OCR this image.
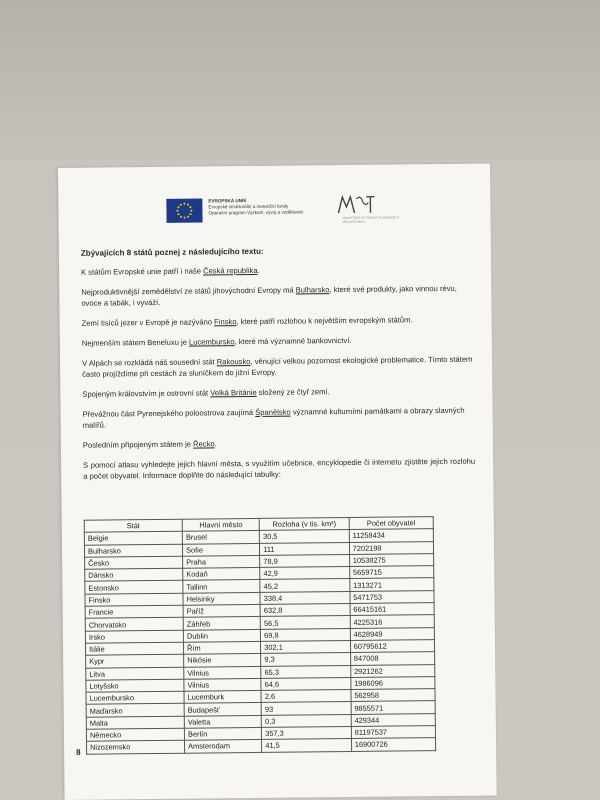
EVROPSKÁ UNIE
Evropské strukturální a investiční fondy
Operační program Výzkum, vývoj a vzdělávání
MINISTERSTVO ŠKOLSTVÍ, MLÁDEŽE A TĚLOVÝCHOVY

Zbývajících 8 států poznej z následujícího textu:

K státům Evropské unie patří i naše Česká republika.

Nejproduktivnější zemědělství ze států jihovýchodní Evropy má Bulharsko, které své produkty, jako vinnou révu, ovoce a tabák, i vyváží.

Zemí tisíců jezer v Evropě je nazýváno Finsko, které patří rozlohou k největším evropským státům.

Nejmenším státem Beneluxu je Lucembursko, které má významné bankovnictví.

V Alpách se rozkládá náš sousední stát Rakousko, věnující velkou pozornost ekologické problematice. Tímto státem často projíždíme při cestách za sluníčkem do jižní Evropy.

Spojeným královstvím je ostrovní stát Velká Británie složený ze čtyř zemí.

Převážnou část Pyrenejského poloostrova zaujímá Španělsko významné kulturními památkami a obrazy slavných malířů.

Posledním připojeným státem je Řecko.

S pomocí atlasu vyhledejte jejich hlavní města, s využitím učebnice, encyklopedie či internetu zjistěte jejich rozlohu a počet obyvatel. Informace doplňte do následující tabulky:

Stát	Hlavní město	Rozloha (v tis. km²)	Počet obyvatel
Belgie	Brusel	30,5	11258434
Bulharsko	Sofie	111	7202198
Česko	Praha	78,9	10538275
Dánsko	Kodaň	42,9	5659715
Estonsko	Tallinn	45,2	1313271
Finsko	Helsinky	338,4	5471753
Francie	Paříž	632,8	66415161
Chorvatsko	Záhřeb	56,5	4225316
Irsko	Dublin	69,8	4628949
Itálie	Řím	302,1	60795612
Kypr	Nikósie	9,3	847008
Litva	Vilnius	65,3	2921262
Lotyšsko	Vilnius	64,6	1986096
Lucembursko	Lucemburk	2,6	562958
Maďarsko	Budapešť	93	9855571
Malta	Valetta	0,3	429344
Německo	Berlín	357,3	81197537
Nizozemsko	Amsterodam	41,5	16900726
8
